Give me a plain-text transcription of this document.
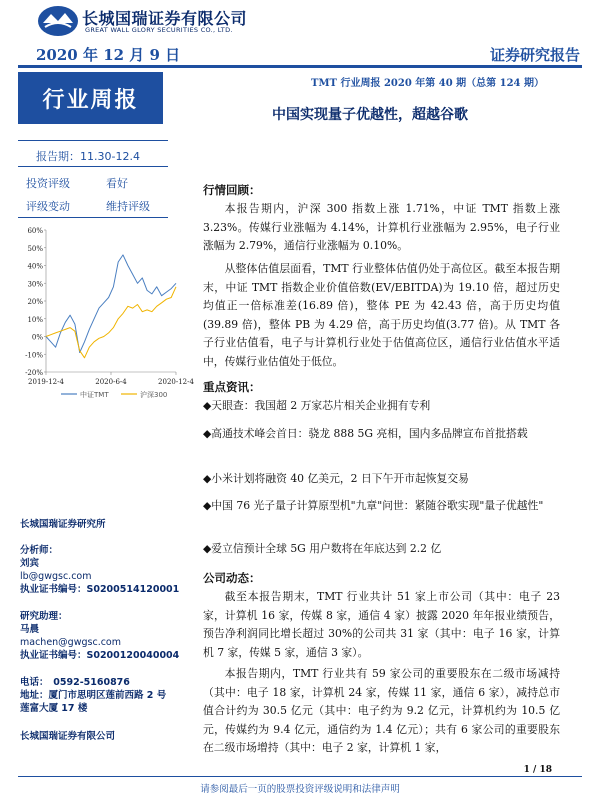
长城国瑞证券有限公司
GREAT WALL GLORY SECURITIES CO., LTD.
2020 年 12 月 9 日	证券研究报告
行业周报
TMT 行业周报 2020 年第 40 期（总第 124 期）
中国实现量子优越性，超越谷歌
报告期：11.30-12.4
投资评级	看好
评级变动	维持评级
60%
50%
40%
30%
20%
10%
0%
-10%
-20%
2019-12-4	2020-6-4	2020-12-4
中证TMT	沪深300
长城国瑞证券研究所
分析师：
刘宾
lb@gwgsc.com
执业证书编号：S0200514120001
研究助理：
马晨
machen@gwgsc.com
执业证书编号：S0200120040004
电话：　0592-5160876
地址：厦门市思明区莲前西路 2 号
莲富大厦 17 楼
长城国瑞证券有限公司
行情回顾：

本报告期内，沪深 300 指数上涨 1.71%，中证 TMT 指数上涨 3.23%。传媒行业涨幅为 4.14%，计算机行业涨幅为 2.95%，电子行业涨幅为 2.79%，通信行业涨幅为 0.10%。

从整体估值层面看，TMT 行业整体估值仍处于高位区。截至本报告期末，中证 TMT 指数企业价值倍数(EV/EBITDA)为 19.10 倍，超过历史均值正一倍标准差(16.89 倍)，整体 PE 为 42.43 倍，高于历史均值(39.89 倍)，整体 PB 为 4.29 倍，高于历史均值(3.77 倍)。从 TMT 各子行业估值看，电子与计算机行业处于估值高位区，通信行业估值水平适中，传媒行业估值处于低位。

重点资讯：
◆天眼查：我国超 2 万家芯片相关企业拥有专利
◆高通技术峰会首日：骁龙 888 5G 亮相，国内多品牌宣布首批搭载
◆小米计划将融资 40 亿美元，2 日下午开市起恢复交易
◆中国 76 光子量子计算原型机"九章"问世：紧随谷歌实现"量子优越性"
◆爱立信预计全球 5G 用户数将在年底达到 2.2 亿
公司动态：

截至本报告期末，TMT 行业共计 51 家上市公司（其中：电子 23 家，计算机 16 家，传媒 8 家，通信 4 家）披露 2020 年年报业绩预告，预告净利润同比增长超过 30%的公司共 31 家（其中：电子 16 家，计算机 7 家，传媒 5 家，通信 3 家）。

本报告期内，TMT 行业共有 59 家公司的重要股东在二级市场减持（其中：电子 18 家，计算机 24 家，传媒 11 家，通信 6 家），减持总市值合计约为 30.5 亿元（其中：电子约为 9.2 亿元，计算机约为 10.5 亿元，传媒约为 9.4 亿元，通信约为 1.4 亿元）；共有 6 家公司的重要股东在二级市场增持（其中：电子 2 家，计算机 1 家，

1 / 18
请参阅最后一页的股票投资评级说明和法律声明
